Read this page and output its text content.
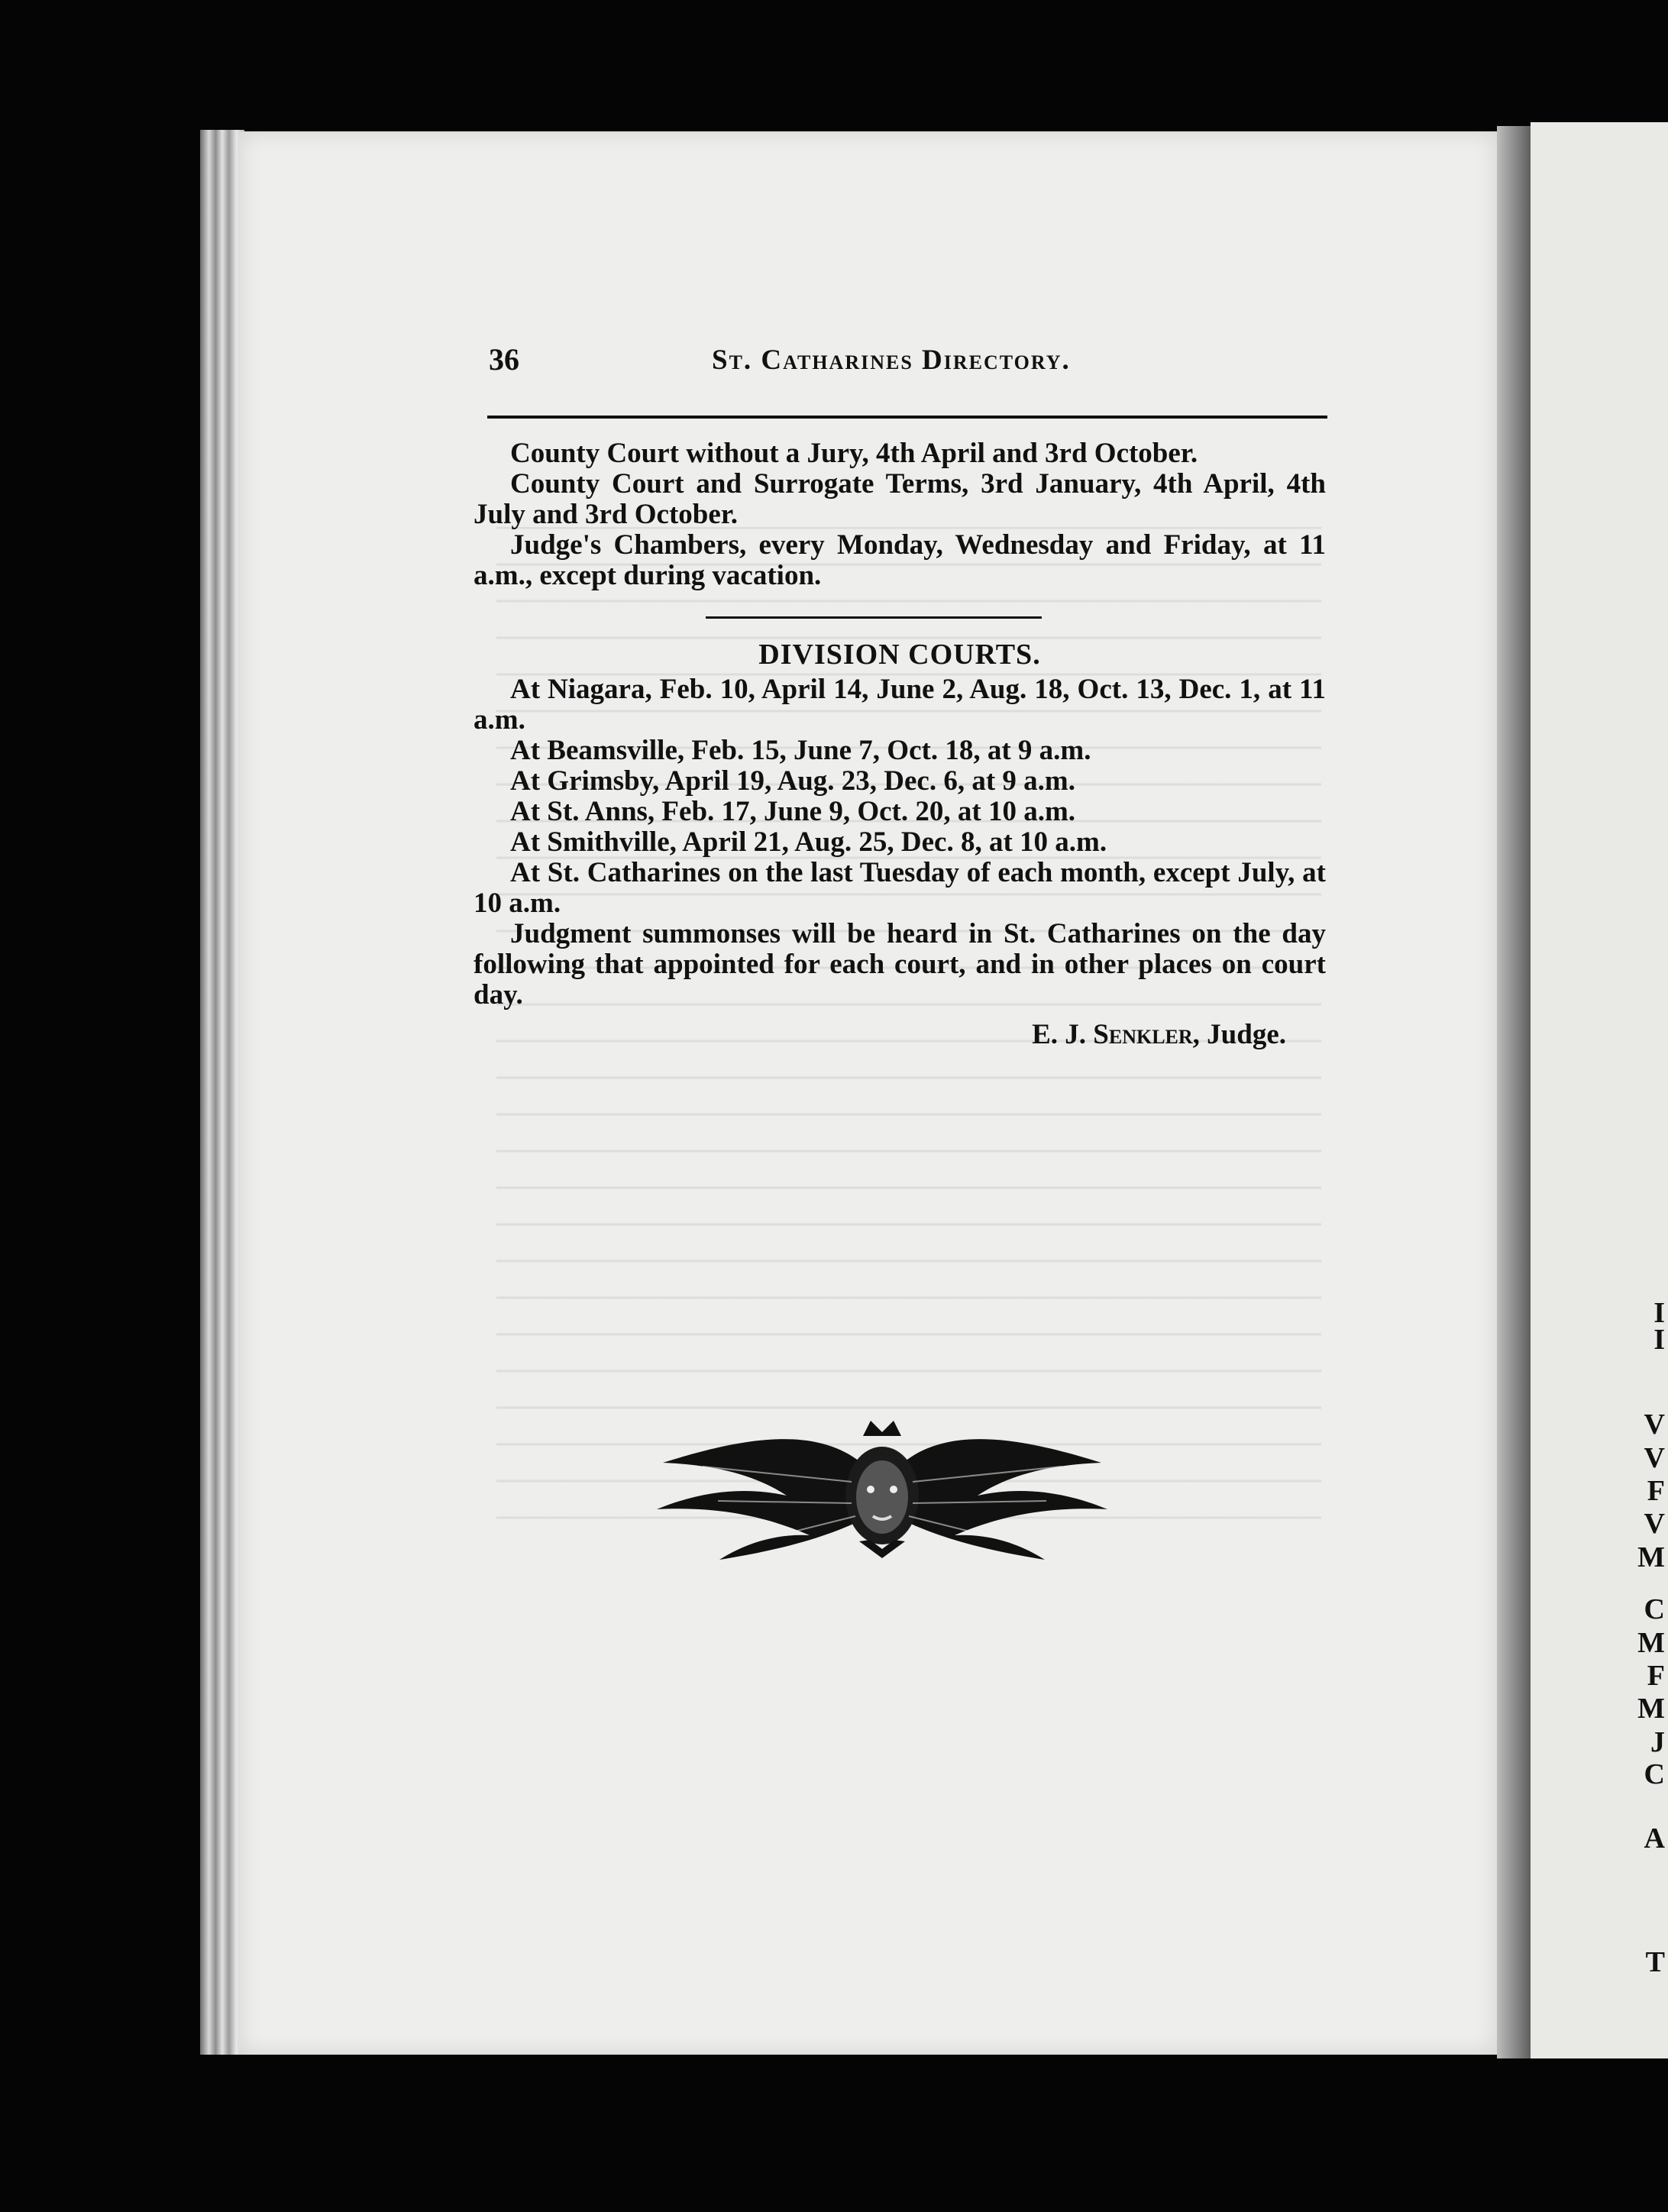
I
I
V
V
F
V
M
C
M
F
M
J
C
A
T
36	St. Catharines Directory.

County Court without a Jury, 4th April and 3rd October.

County Court and Surrogate Terms, 3rd January, 4th April, 4th July and 3rd October.

Judge's Chambers, every Monday, Wednesday and Friday, at 11 a.m., except during vacation.

DIVISION COURTS.

At Niagara, Feb. 10, April 14, June 2, Aug. 18, Oct. 13, Dec. 1, at 11 a.m.

At Beamsville, Feb. 15, June 7, Oct. 18, at 9 a.m.

At Grimsby, April 19, Aug. 23, Dec. 6, at 9 a.m.

At St. Anns, Feb. 17, June 9, Oct. 20, at 10 a.m.

At Smithville, April 21, Aug. 25, Dec. 8, at 10 a.m.

At St. Catharines on the last Tuesday of each month, except July, at 10 a.m.

Judgment summonses will be heard in St. Catharines on the day following that appointed for each court, and in other places on court day.

E. J. Senkler, Judge.
